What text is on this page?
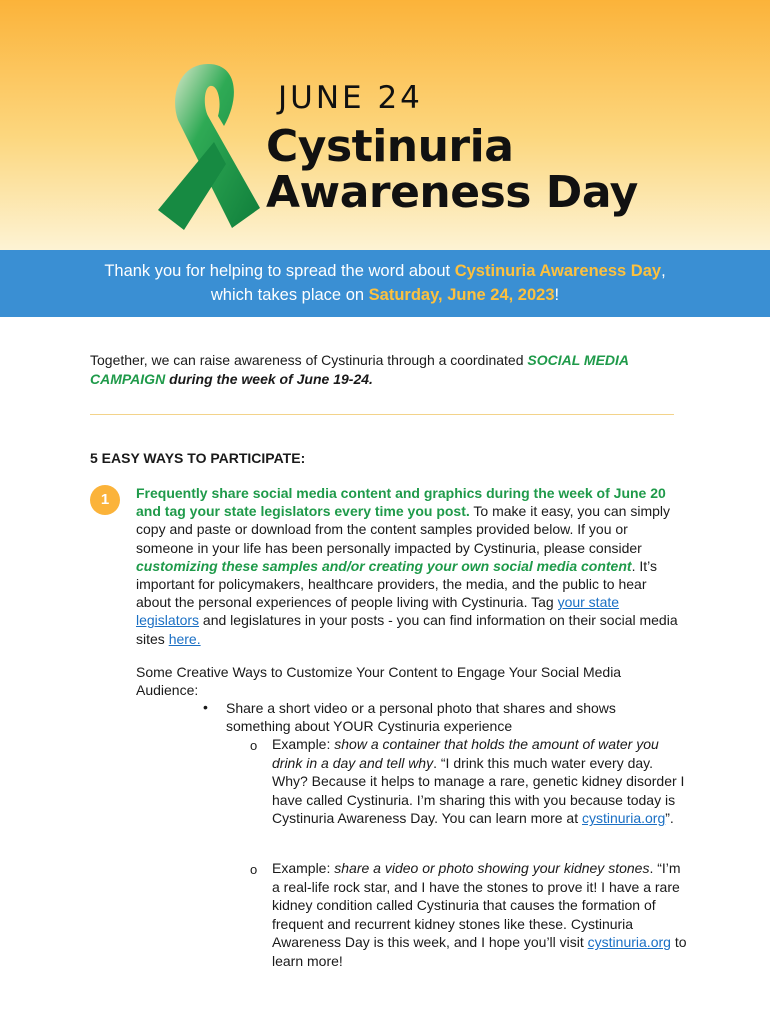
JUNE 24
Cystinuria
Awareness Day
Thank you for helping to spread the word about Cystinuria Awareness Day,
which takes place on Saturday, June 24, 2023!
Together, we can raise awareness of Cystinuria through a coordinated SOCIAL MEDIA CAMPAIGN during the week of June 19-24.
5 EASY WAYS TO PARTICIPATE:
1	Frequently share social media content and graphics during the week of June 20 and tag your state legislators every time you post. To make it easy, you can simply copy and paste or download from the content samples provided below. If you or someone in your life has been personally impacted by Cystinuria, please consider customizing these samples and/or creating your own social media content. It’s important for policymakers, healthcare providers, the media, and the public to hear about the personal experiences of people living with Cystinuria. Tag your state legislators and legislatures in your posts - you can find information on their social media sites here.
Some Creative Ways to Customize Your Content to Engage Your Social Media Audience:
• Share a short video or a personal photo that shares and shows something about YOUR Cystinuria experience
o Example: show a container that holds the amount of water you drink in a day and tell why. “I drink this much water every day. Why? Because it helps to manage a rare, genetic kidney disorder I have called Cystinuria. I’m sharing this with you because today is Cystinuria Awareness Day. You can learn more at cystinuria.org”.
o Example: share a video or photo showing your kidney stones. “I’m a real-life rock star, and I have the stones to prove it! I have a rare kidney condition called Cystinuria that causes the formation of frequent and recurrent kidney stones like these. Cystinuria Awareness Day is this week, and I hope you’ll visit cystinuria.org to learn more!
